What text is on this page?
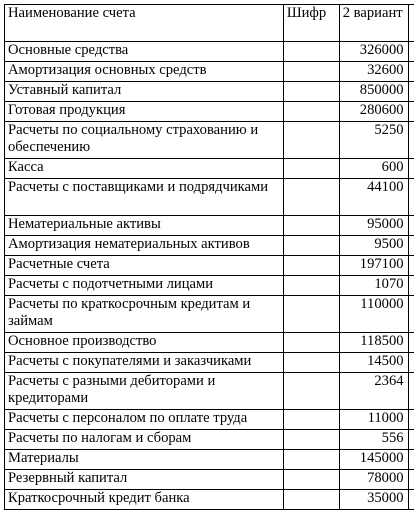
Наименование счета	Шифр	2 вариант	
Основные средства		326000	
Амортизация основных средств		32600	
Уставный капитал		850000	
Готовая продукция		280600	
Расчеты по социальному страхованию и обеспечению		5250	
Касса		600	
Расчеты с поставщиками и подрядчиками		44100	
Нематериальные активы		95000	
Амортизация нематериальных активов		9500	
Расчетные счета		197100	
Расчеты с подотчетными лицами		1070	
Расчеты по краткосрочным кредитам и займам		110000	
Основное производство		118500	
Расчеты с покупателями и заказчиками		14500	
Расчеты с разными дебиторами и кредиторами		2364	
Расчеты с персоналом по оплате труда		11000	
Расчеты по налогам и сборам		556	
Материалы		145000	
Резервный капитал		78000	
Краткосрочный кредит банка		35000	
